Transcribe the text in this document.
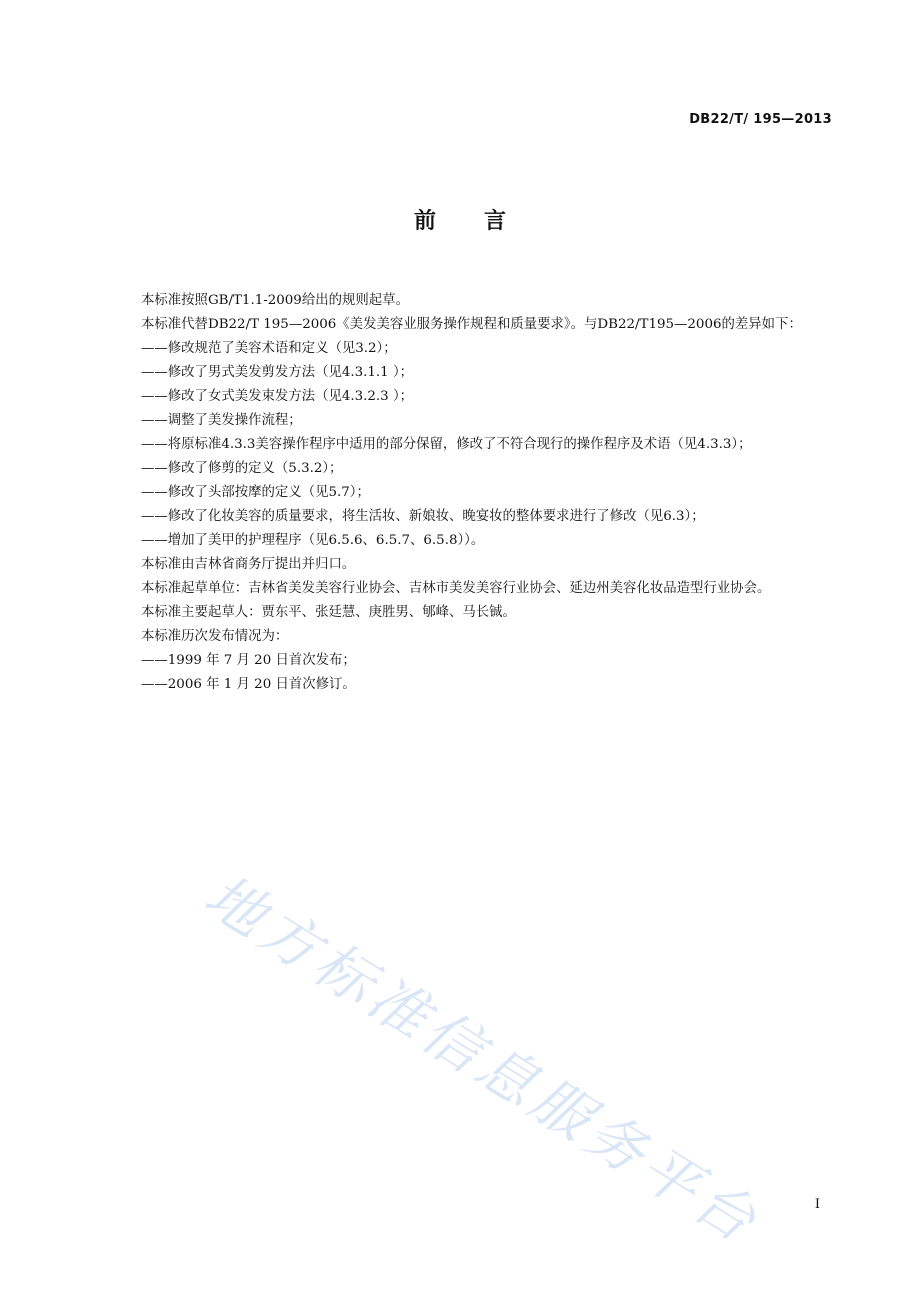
DB22/T/ 195—2013
前 言

本标准按照GB/T1.1-2009给出的规则起草。

本标准代替DB22/T 195—2006《美发美容业服务操作规程和质量要求》。与DB22/T195—2006的差异如下：

——修改规范了美容术语和定义（见3.2）；

——修改了男式美发剪发方法（见4.3.1.1 ）；

——修改了女式美发束发方法（见4.3.2.3 ）；

——调整了美发操作流程；

——将原标准4.3.3美容操作程序中适用的部分保留，修改了不符合现行的操作程序及术语（见4.3.3）；

——修改了修剪的定义（5.3.2）；

——修改了头部按摩的定义（见5.7）；

——修改了化妆美容的质量要求，将生活妆、新娘妆、晚宴妆的整体要求进行了修改（见6.3）；

——增加了美甲的护理程序（见6.5.6、6.5.7、6.5.8））。

本标准由吉林省商务厅提出并归口。

本标准起草单位：吉林省美发美容行业协会、吉林市美发美容行业协会、延边州美容化妆品造型行业协会。

本标准主要起草人：贾东平、张廷慧、庚胜男、郇峰、马长铖。

本标准历次发布情况为：

——1999 年 7 月 20 日首次发布；

——2006 年 1 月 20 日首次修订。

地方标准信息服务平台	I
